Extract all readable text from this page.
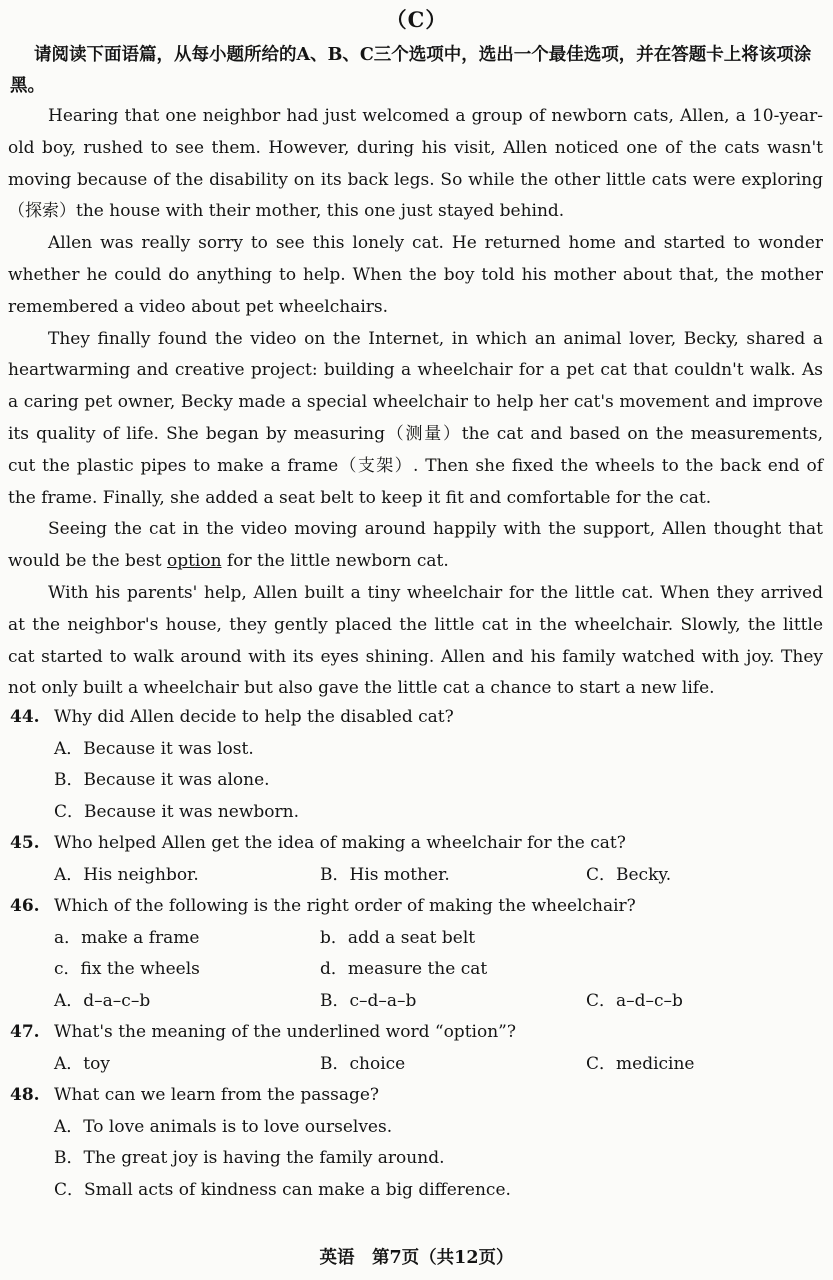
（C）
请阅读下面语篇，从每小题所给的A、B、C三个选项中，选出一个最佳选项，并在答题卡上将该项涂黑。

Hearing that one neighbor had just welcomed a group of newborn cats, Allen, a 10-year-old boy, rushed to see them. However, during his visit, Allen noticed one of the cats wasn't moving because of the disability on its back legs. So while the other little cats were exploring（探索）the house with their mother, this one just stayed behind.

Allen was really sorry to see this lonely cat. He returned home and started to wonder whether he could do anything to help. When the boy told his mother about that, the mother remembered a video about pet wheelchairs.

They finally found the video on the Internet, in which an animal lover, Becky, shared a heartwarming and creative project: building a wheelchair for a pet cat that couldn't walk. As a caring pet owner, Becky made a special wheelchair to help her cat's movement and improve its quality of life. She began by measuring（测量）the cat and based on the measurements, cut the plastic pipes to make a frame（支架）. Then she fixed the wheels to the back end of the frame. Finally, she added a seat belt to keep it fit and comfortable for the cat.

Seeing the cat in the video moving around happily with the support, Allen thought that would be the best option for the little newborn cat.

With his parents' help, Allen built a tiny wheelchair for the little cat. When they arrived at the neighbor's house, they gently placed the little cat in the wheelchair. Slowly, the little cat started to walk around with its eyes shining. Allen and his family watched with joy. They not only built a wheelchair but also gave the little cat a chance to start a new life.

44. Why did Allen decide to help the disabled cat?
A．Because it was lost.
B．Because it was alone.
C．Because it was newborn.
45. Who helped Allen get the idea of making a wheelchair for the cat?
A．His neighbor.	B．His mother.	C．Becky.
46. Which of the following is the right order of making the wheelchair?
a．make a frame	b．add a seat belt
c．fix the wheels	d．measure the cat
A．d–a–c–b	B．c–d–a–b	C．a–d–c–b
47. What's the meaning of the underlined word “option”?
A．toy	B．choice	C．medicine
48. What can we learn from the passage?
A．To love animals is to love ourselves.
B．The great joy is having the family around.
C．Small acts of kindness can make a big difference.
英语　第7页（共12页）
